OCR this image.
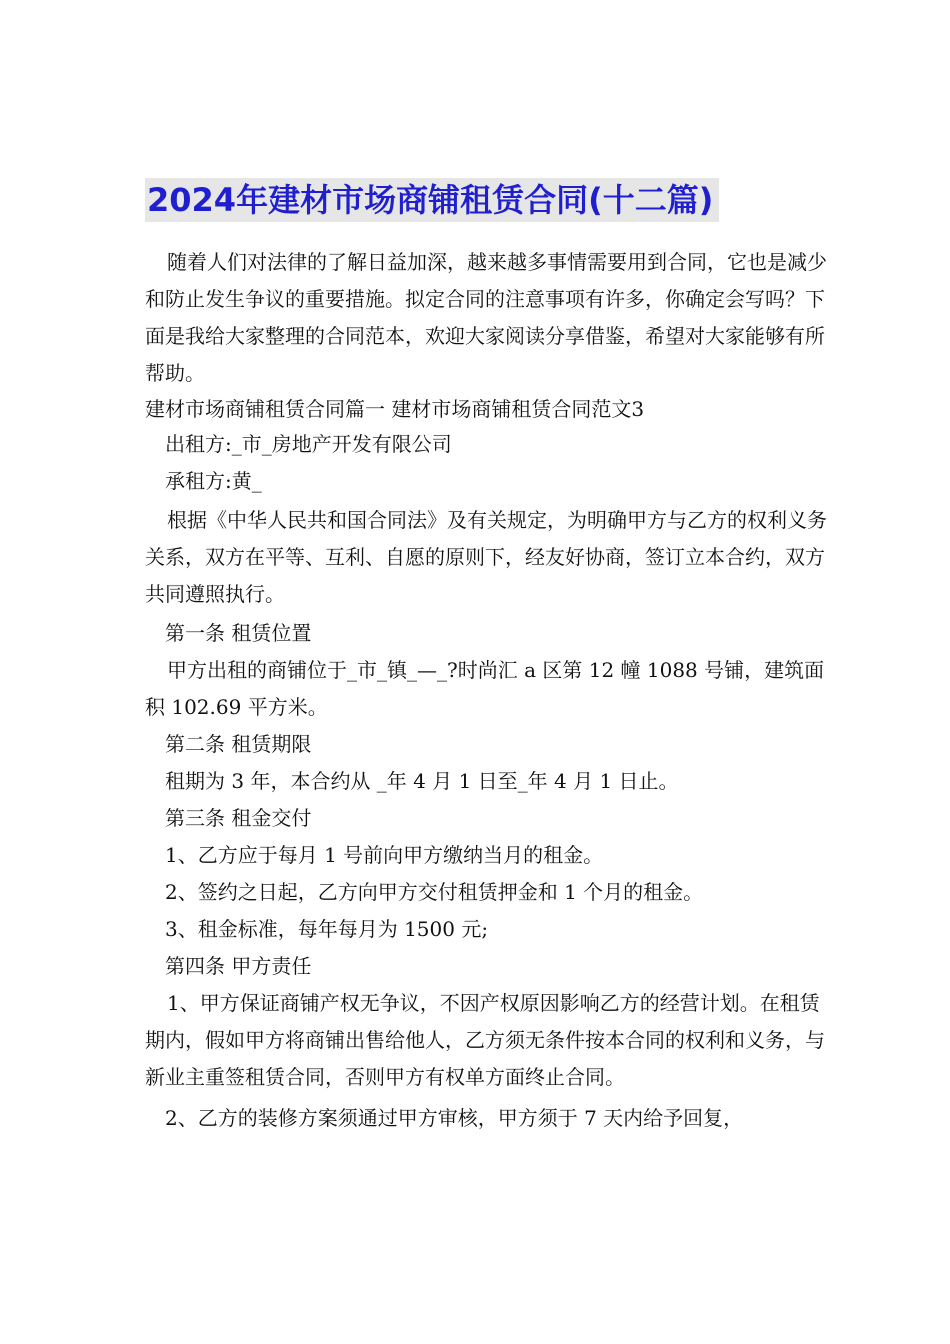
2024年建材市场商铺租赁合同(十二篇)

随着人们对法律的了解日益加深，越来越多事情需要用到合同，它也是减少和防止发生争议的重要措施。拟定合同的注意事项有许多，你确定会写吗？下面是我给大家整理的合同范本，欢迎大家阅读分享借鉴，希望对大家能够有所帮助。

建材市场商铺租赁合同篇一 建材市场商铺租赁合同范文3

出租方:_市_房地产开发有限公司

承租方:黄_

根据《中华人民共和国合同法》及有关规定，为明确甲方与乙方的权利义务关系，双方在平等、互利、自愿的原则下，经友好协商，签订立本合约，双方共同遵照执行。

第一条 租赁位置

甲方出租的商铺位于_市_镇_—_?时尚汇 a 区第 12 幢 1088 号铺，建筑面积 102.69 平方米。

第二条 租赁期限

租期为 3 年，本合约从 _年 4 月 1 日至_年 4 月 1 日止。

第三条 租金交付

1、乙方应于每月 1 号前向甲方缴纳当月的租金。

2、签约之日起，乙方向甲方交付租赁押金和 1 个月的租金。

3、租金标准，每年每月为 1500 元;

第四条 甲方责任

1、甲方保证商铺产权无争议，不因产权原因影响乙方的经营计划。在租赁期内，假如甲方将商铺出售给他人，乙方须无条件按本合同的权利和义务，与新业主重签租赁合同，否则甲方有权单方面终止合同。

2、乙方的装修方案须通过甲方审核，甲方须于 7 天内给予回复，
